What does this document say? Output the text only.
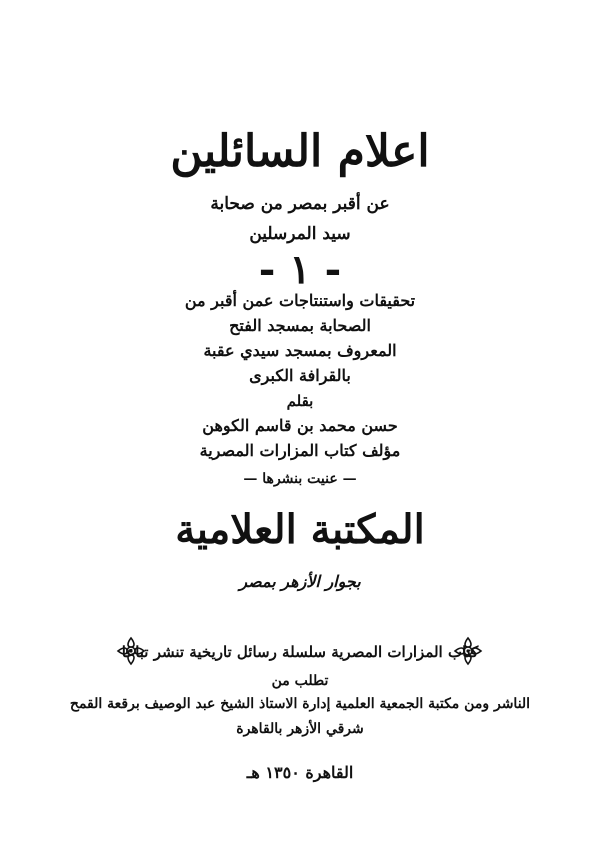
اعلام السائلين
عن أقبر بمصر من صحابة
سيد المرسلين
- ١ -
تحقيقات واستنتاجات عمن أقبر من
الصحابة بمسجد الفتح
المعروف بمسجد سيدي عقبة
بالقرافة الكبرى
بقلم
حسن محمد بن قاسم الكوهن
مؤلف كتاب المزارات المصرية
— عنيت بنشرها —
المكتبة العلامية
بجوار الأزهر بمصر
كتاب المزارات المصرية سلسلة رسائل تاريخية تنشر تباعا
تطلب من
الناشر ومن مكتبة الجمعية العلمية إدارة الاستاذ الشيخ عبد الوصيف برقعة القمح
شرقي الأزهر بالقاهرة
القاهرة ١٣٥٠ هـ
